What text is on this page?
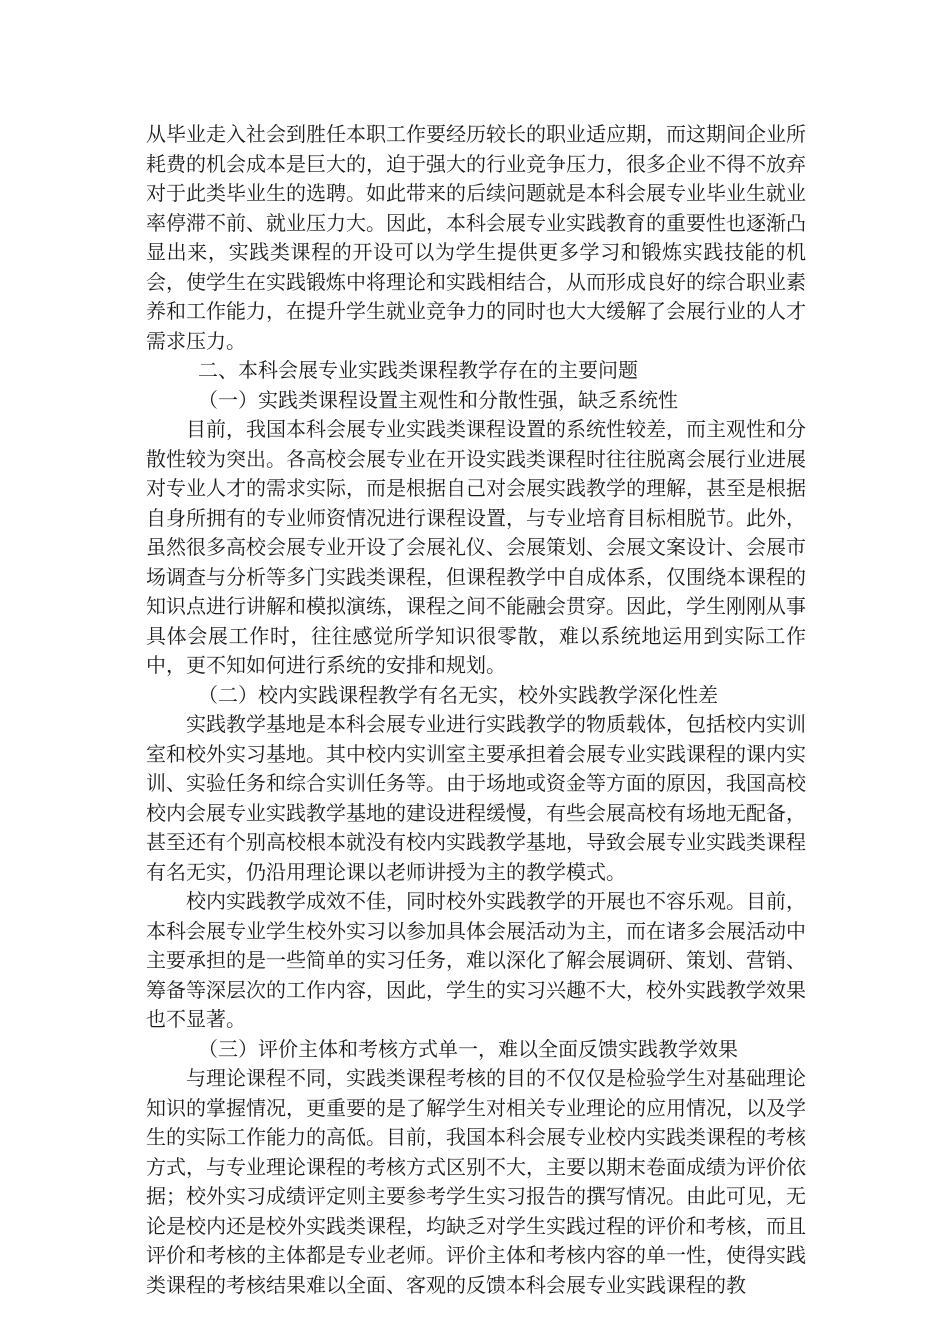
从毕业走入社会到胜任本职工作要经历较长的职业适应期，而这期间企业所耗费的机会成本是巨大的，迫于强大的行业竞争压力，很多企业不得不放弃对于此类毕业生的选聘。如此带来的后续问题就是本科会展专业毕业生就业率停滞不前、就业压力大。因此，本科会展专业实践教育的重要性也逐渐凸显出来，实践类课程的开设可以为学生提供更多学习和锻炼实践技能的机会，使学生在实践锻炼中将理论和实践相结合，从而形成良好的综合职业素养和工作能力，在提升学生就业竞争力的同时也大大缓解了会展行业的人才需求压力。

二、本科会展专业实践类课程教学存在的主要问题

（一）实践类课程设置主观性和分散性强，缺乏系统性

目前，我国本科会展专业实践类课程设置的系统性较差，而主观性和分散性较为突出。各高校会展专业在开设实践类课程时往往脱离会展行业进展对专业人才的需求实际，而是根据自己对会展实践教学的理解，甚至是根据自身所拥有的专业师资情况进行课程设置，与专业培育目标相脱节。此外，虽然很多高校会展专业开设了会展礼仪、会展策划、会展文案设计、会展市场调查与分析等多门实践类课程，但课程教学中自成体系，仅围绕本课程的知识点进行讲解和模拟演练，课程之间不能融会贯穿。因此，学生刚刚从事具体会展工作时，往往感觉所学知识很零散，难以系统地运用到实际工作中，更不知如何进行系统的安排和规划。

（二）校内实践课程教学有名无实，校外实践教学深化性差

实践教学基地是本科会展专业进行实践教学的物质载体，包括校内实训室和校外实习基地。其中校内实训室主要承担着会展专业实践课程的课内实训、实验任务和综合实训任务等。由于场地或资金等方面的原因，我国高校校内会展专业实践教学基地的建设进程缓慢，有些会展高校有场地无配备，甚至还有个别高校根本就没有校内实践教学基地，导致会展专业实践类课程有名无实，仍沿用理论课以老师讲授为主的教学模式。

校内实践教学成效不佳，同时校外实践教学的开展也不容乐观。目前，本科会展专业学生校外实习以参加具体会展活动为主，而在诸多会展活动中主要承担的是一些简单的实习任务，难以深化了解会展调研、策划、营销、筹备等深层次的工作内容，因此，学生的实习兴趣不大，校外实践教学效果也不显著。

（三）评价主体和考核方式单一，难以全面反馈实践教学效果

与理论课程不同，实践类课程考核的目的不仅仅是检验学生对基础理论知识的掌握情况，更重要的是了解学生对相关专业理论的应用情况，以及学生的实际工作能力的高低。目前，我国本科会展专业校内实践类课程的考核方式，与专业理论课程的考核方式区别不大，主要以期末卷面成绩为评价依据；校外实习成绩评定则主要参考学生实习报告的撰写情况。由此可见，无论是校内还是校外实践类课程，均缺乏对学生实践过程的评价和考核，而且评价和考核的主体都是专业老师。评价主体和考核内容的单一性，使得实践类课程的考核结果难以全面、客观的反馈本科会展专业实践课程的教
